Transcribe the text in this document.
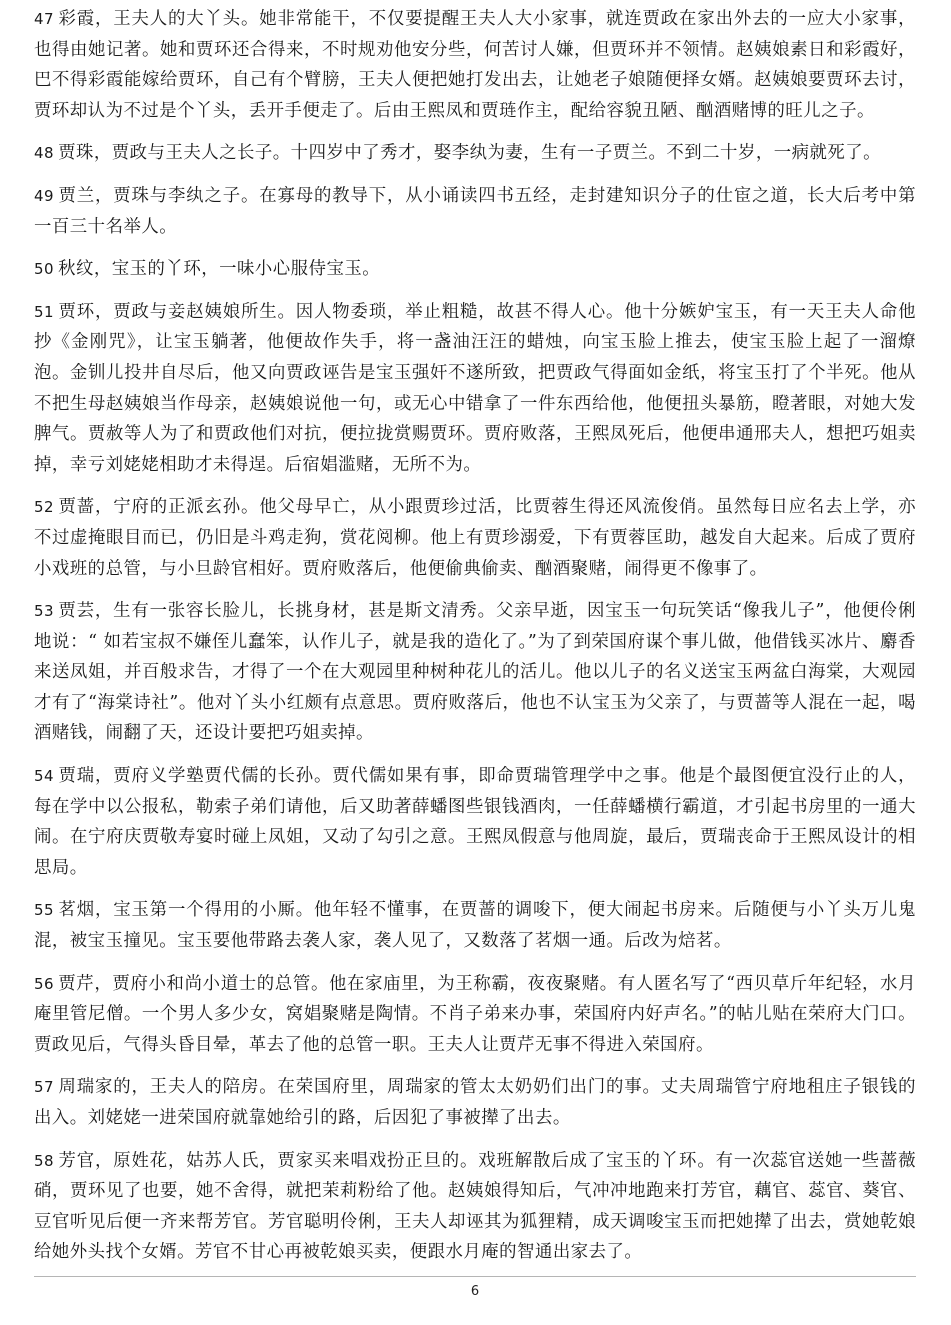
47 彩霞，王夫人的大丫头。她非常能干，不仅要提醒王夫人大小家事，就连贾政在家出外去的一应大小家事，也得由她记著。她和贾环还合得来，不时规劝他安分些，何苦讨人嫌，但贾环并不领情。赵姨娘素日和彩霞好，巴不得彩霞能嫁给贾环，自己有个臂膀，王夫人便把她打发出去，让她老子娘随便择女婿。赵姨娘要贾环去讨，贾环却认为不过是个丫头，丢开手便走了。后由王熙凤和贾琏作主，配给容貌丑陋、酗酒赌博的旺儿之子。

48 贾珠，贾政与王夫人之长子。十四岁中了秀才，娶李纨为妻，生有一子贾兰。不到二十岁，一病就死了。

49 贾兰，贾珠与李纨之子。在寡母的教导下，从小诵读四书五经，走封建知识分子的仕宦之道，长大后考中第一百三十名举人。

50 秋纹，宝玉的丫环，一味小心服侍宝玉。

51 贾环，贾政与妾赵姨娘所生。因人物委琐，举止粗糙，故甚不得人心。他十分嫉妒宝玉，有一天王夫人命他抄《金刚咒》，让宝玉躺著，他便故作失手，将一盏油汪汪的蜡烛，向宝玉脸上推去，使宝玉脸上起了一溜燎泡。金钏儿投井自尽后，他又向贾政诬告是宝玉强奸不遂所致，把贾政气得面如金纸，将宝玉打了个半死。他从不把生母赵姨娘当作母亲，赵姨娘说他一句，或无心中错拿了一件东西给他，他便扭头暴筋，瞪著眼，对她大发脾气。贾赦等人为了和贾政他们对抗，便拉拢赏赐贾环。贾府败落，王熙凤死后，他便串通邢夫人，想把巧姐卖掉，幸亏刘姥姥相助才未得逞。后宿娼滥赌，无所不为。

52 贾蔷，宁府的正派玄孙。他父母早亡，从小跟贾珍过活，比贾蓉生得还风流俊俏。虽然每日应名去上学，亦不过虚掩眼目而已，仍旧是斗鸡走狗，赏花阅柳。他上有贾珍溺爱，下有贾蓉匡助，越发自大起来。后成了贾府小戏班的总管，与小旦龄官相好。贾府败落后，他便偷典偷卖、酗酒聚赌，闹得更不像事了。

53 贾芸，生有一张容长脸儿，长挑身材，甚是斯文清秀。父亲早逝，因宝玉一句玩笑话“像我儿子”，他便伶俐地说：“ 如若宝叔不嫌侄儿蠢笨，认作儿子，就是我的造化了。”为了到荣国府谋个事儿做，他借钱买冰片、麝香来送凤姐，并百般求告，才得了一个在大观园里种树种花儿的活儿。他以儿子的名义送宝玉两盆白海棠，大观园才有了“海棠诗社”。他对丫头小红颇有点意思。贾府败落后，他也不认宝玉为父亲了，与贾蔷等人混在一起，喝酒赌钱，闹翻了天，还设计要把巧姐卖掉。

54 贾瑞，贾府义学塾贾代儒的长孙。贾代儒如果有事，即命贾瑞管理学中之事。他是个最图便宜没行止的人，每在学中以公报私，勒索子弟们请他，后又助著薛蟠图些银钱酒肉，一任薛蟠横行霸道，才引起书房里的一通大闹。在宁府庆贾敬寿宴时碰上凤姐，又动了勾引之意。王熙凤假意与他周旋，最后，贾瑞丧命于王熙凤设计的相思局。

55 茗烟，宝玉第一个得用的小厮。他年轻不懂事，在贾蔷的调唆下，便大闹起书房来。后随便与小丫头万儿鬼混，被宝玉撞见。宝玉要他带路去袭人家，袭人见了，又数落了茗烟一通。后改为焙茗。

56 贾芹，贾府小和尚小道士的总管。他在家庙里，为王称霸，夜夜聚赌。有人匿名写了“西贝草斤年纪轻，水月庵里管尼僧。一个男人多少女，窝娼聚赌是陶情。不肖子弟来办事，荣国府内好声名。”的帖儿贴在荣府大门口。贾政见后，气得头昏目晕，革去了他的总管一职。王夫人让贾芹无事不得进入荣国府。

57 周瑞家的，王夫人的陪房。在荣国府里，周瑞家的管太太奶奶们出门的事。丈夫周瑞管宁府地租庄子银钱的出入。刘姥姥一进荣国府就靠她给引的路，后因犯了事被撵了出去。

58 芳官，原姓花，姑苏人氏，贾家买来唱戏扮正旦的。戏班解散后成了宝玉的丫环。有一次蕊官送她一些蔷薇硝，贾环见了也要，她不舍得，就把茉莉粉给了他。赵姨娘得知后，气冲冲地跑来打芳官，藕官、蕊官、葵官、豆官听见后便一齐来帮芳官。芳官聪明伶俐，王夫人却诬其为狐狸精，成天调唆宝玉而把她撵了出去，赏她乾娘给她外头找个女婿。芳官不甘心再被乾娘买卖，便跟水月庵的智通出家去了。

6
